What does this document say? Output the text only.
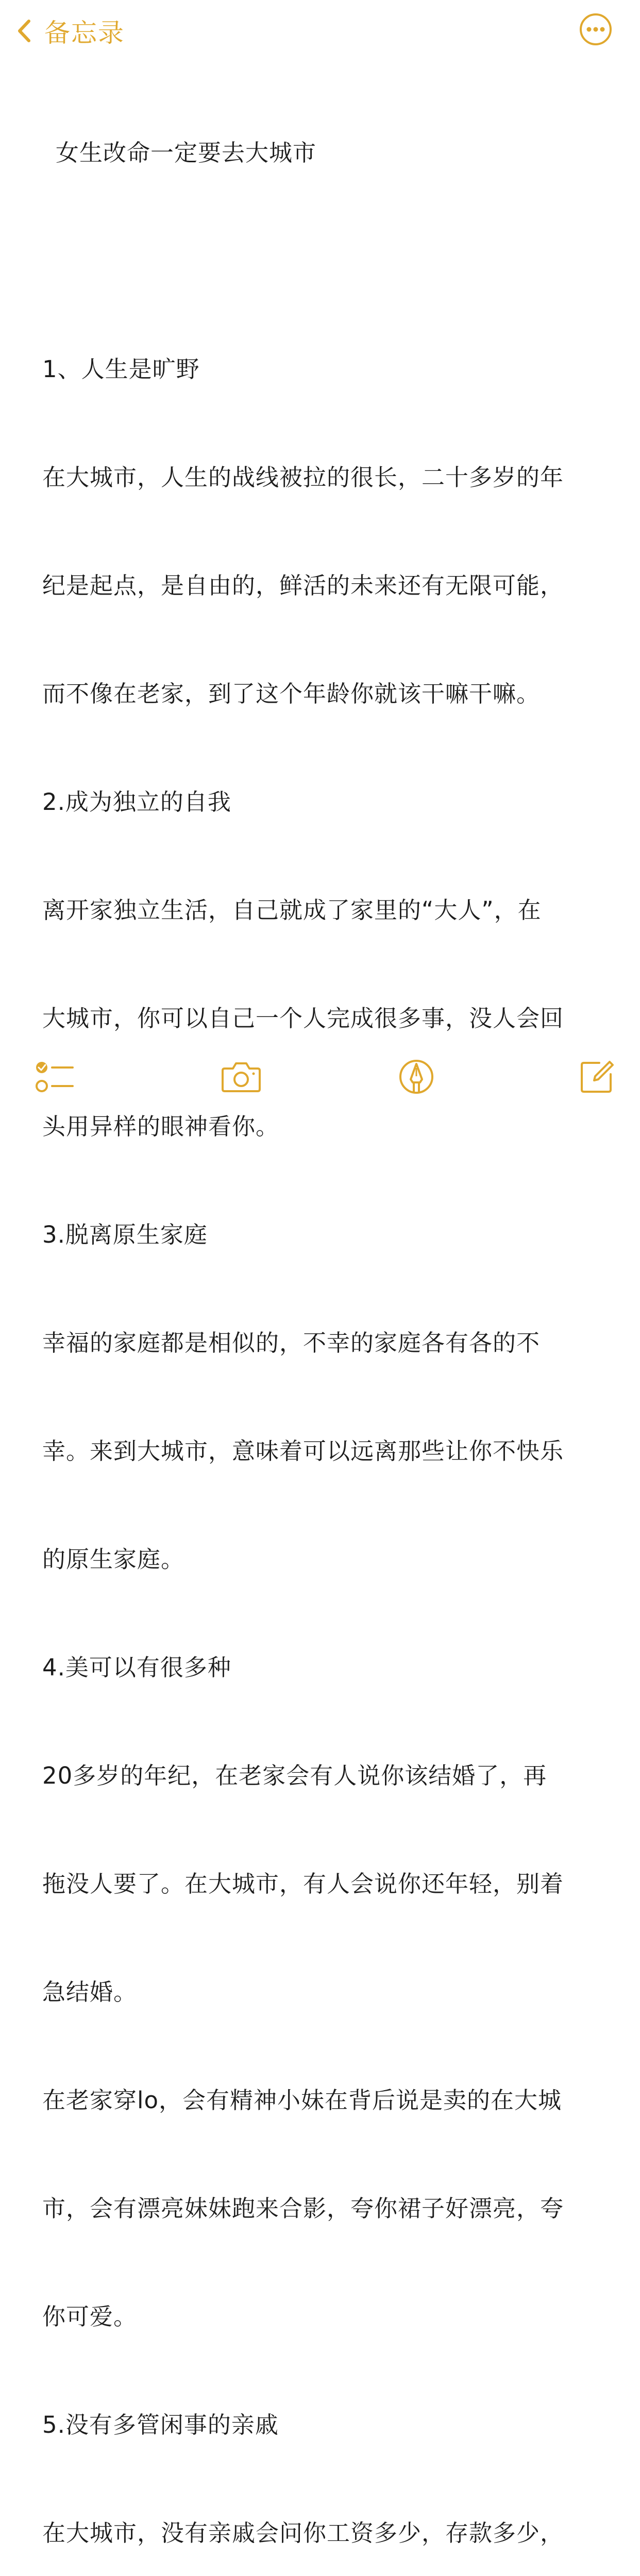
备忘录

女生改命一定要去大城市

1、人生是旷野

在大城市，人生的战线被拉的很长，二十多岁的年

纪是起点，是自由的，鲜活的未来还有无限可能，

而不像在老家，到了这个年龄你就该干嘛干嘛。

2.成为独立的自我

离开家独立生活，自己就成了家里的“大人”，在

大城市，你可以自己一个人完成很多事，没人会回

头用异样的眼神看你。

3.脱离原生家庭

幸福的家庭都是相似的，不幸的家庭各有各的不

幸。来到大城市，意味着可以远离那些让你不快乐

的原生家庭。

4.美可以有很多种

20多岁的年纪，在老家会有人说你该结婚了，再

拖没人要了。在大城市，有人会说你还年轻，别着

急结婚。

在老家穿lo，会有精神小妹在背后说是卖的在大城

市，会有漂亮妹妹跑来合影，夸你裙子好漂亮，夸

你可爱。

5.没有多管闲事的亲戚

在大城市，没有亲戚会问你工资多少，存款多少，
